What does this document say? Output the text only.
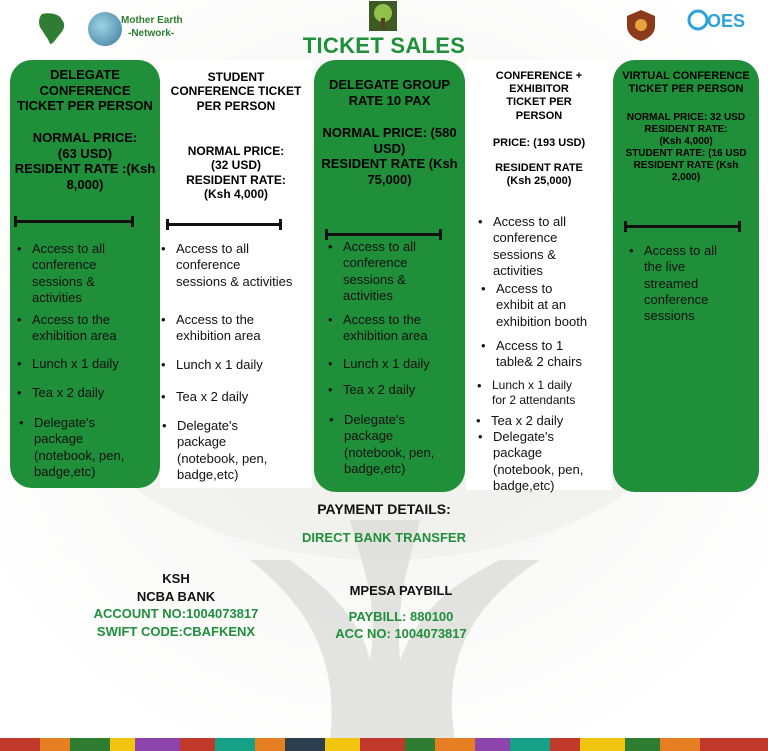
Mother Earth
-Network-
OES
TICKET SALES
DELEGATE
CONFERENCE
TICKET PER PERSON
NORMAL PRICE:
(63 USD)
RESIDENT RATE :(Ksh
8,000)
• Access to all
conference
sessions &
activities
• Access to the
exhibition area
• Lunch x 1 daily
• Tea x 2 daily
• Delegate's
package
(notebook, pen,
badge,etc)
STUDENT
CONFERENCE TICKET
PER PERSON
NORMAL PRICE:
(32 USD)
RESIDENT RATE:
(Ksh 4,000)
• Access to all
conference
sessions & activities
• Access to the
exhibition area
• Lunch x 1 daily
• Tea x 2 daily
• Delegate's
package
(notebook, pen,
badge,etc)
DELEGATE GROUP
RATE 10 PAX
NORMAL PRICE: (580
USD)
RESIDENT RATE (Ksh
75,000)
• Access to all
conference
sessions &
activities
• Access to the
exhibition area
• Lunch x 1 daily
• Tea x 2 daily
• Delegate's
package
(notebook, pen,
badge,etc)
CONFERENCE +
EXHIBITOR
TICKET PER
PERSON
PRICE: (193 USD)
RESIDENT RATE
(Ksh 25,000)
• Access to all
conference
sessions &
activities
• Access to
exhibit at an
exhibition booth
• Access to 1
table& 2 chairs
• Lunch x 1 daily
for 2 attendants
• Tea x 2 daily
• Delegate's
package
(notebook, pen,
badge,etc)
VIRTUAL CONFERENCE
TICKET PER PERSON
NORMAL PRICE: 32 USD
RESIDENT RATE:
(Ksh 4,000)
STUDENT RATE: (16 USD
RESIDENT RATE (Ksh
2,000)
• Access to all
the live
streamed
conference
sessions
PAYMENT DETAILS:
DIRECT BANK TRANSFER
KSH
NCBA BANK
ACCOUNT NO:1004073817
SWIFT CODE:CBAFKENX
MPESA PAYBILL
PAYBILL: 880100
ACC NO: 1004073817
